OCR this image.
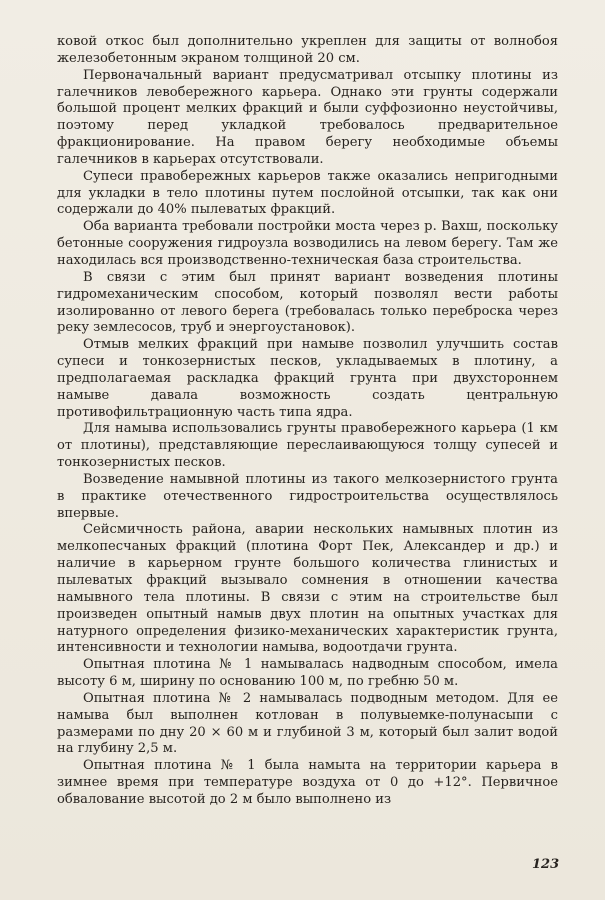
ковой откос был дополнительно укреплен для защиты от волнобоя железобетонным экраном толщиной 20 см.

Первоначальный вариант предусматривал отсыпку плотины из галечников левобережного карьера. Однако эти грунты содержали большой процент мелких фракций и были суффозионно неустойчивы, поэтому перед укладкой требовалось предварительное фракционирование. На правом берегу необходимые объемы галечников в карьерах отсутствовали.

Супеси правобережных карьеров также оказались непригодными для укладки в тело плотины путем послойной отсыпки, так как они содержали до 40% пылеватых фракций.

Оба варианта требовали постройки моста через р. Вахш, поскольку бетонные сооружения гидроузла возводились на левом берегу. Там же находилась вся производственно-техническая база строительства.

В связи с этим был принят вариант возведения плотины гидромеханическим способом, который позволял вести работы изолированно от левого берега (требовалась только переброска через реку землесосов, труб и энергоустановок).

Отмыв мелких фракций при намыве позволил улучшить состав супеси и тонкозернистых песков, укладываемых в плотину, а предполагаемая раскладка фракций грунта при двухстороннем намыве давала возможность создать центральную противофильтрационную часть типа ядра.

Для намыва использовались грунты правобережного карьера (1 км от плотины), представляющие переслаивающуюся толщу супесей и тонкозернистых песков.

Возведение намывной плотины из такого мелкозернистого грунта в практике отечественного гидростроительства осуществлялось впервые.

Сейсмичность района, аварии нескольких намывных плотин из мелкопесчаных фракций (плотина Форт Пек, Александер и др.) и наличие в карьерном грунте большого количества глинистых и пылеватых фракций вызывало сомнения в отношении качества намывного тела плотины. В связи с этим на строительстве был произведен опытный намыв двух плотин на опытных участках для натурного определения физико-механических характеристик грунта, интенсивности и технологии намыва, водоотдачи грунта.

Опытная плотина № 1 намывалась надводным способом, имела высоту 6 м, ширину по основанию 100 м, по гребню 50 м.

Опытная плотина № 2 намывалась подводным методом. Для ее намыва был выполнен котлован в полувыемке-полунасыпи с размерами по дну 20 × 60 м и глубиной 3 м, который был залит водой на глубину 2,5 м.

Опытная плотина № 1 была намыта на территории карьера в зимнее время при температуре воздуха от 0 до +12°. Первичное обвалование высотой до 2 м было выполнено из

123
